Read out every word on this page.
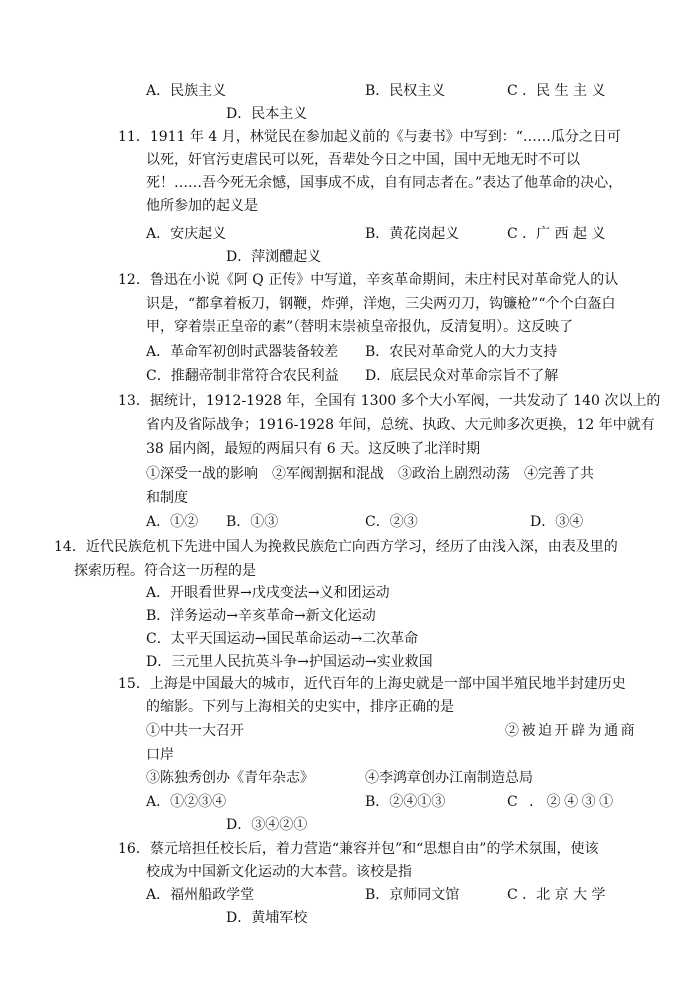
A．民族主义	B．民权主义	C ．民 生 主 义
D．民本主义
11．1911 年 4 月，林觉民在参加起义前的《与妻书》中写到：“……瓜分之日可
以死，奸官污吏虐民可以死，吾辈处今日之中国，国中无地无时不可以
死！……吾今死无余憾，国事成不成，自有同志者在。”表达了他革命的决心，
他所参加的起义是
A．安庆起义	B．黄花岗起义	C ．广 西 起 义
D．萍浏醴起义
12．鲁迅在小说《阿 Q 正传》中写道，辛亥革命期间，未庄村民对革命党人的认
识是，“都拿着板刀，钢鞭，炸弹，洋炮，三尖两刃刀，钩镰枪”“个个白盔白
甲，穿着崇正皇帝的素”（替明末崇祯皇帝报仇，反清复明）。这反映了
A．革命军初创时武器装备较差 B．农民对革命党人的大力支持
C．推翻帝制非常符合农民利益 D．底层民众对革命宗旨不了解
13．据统计，1912-1928 年，全国有 1300 多个大小军阀，一共发动了 140 次以上的
省内及省际战争；1916-1928 年间，总统、执政、大元帅多次更换，12 年中就有
38 届内阁，最短的两届只有 6 天。这反映了北洋时期
①深受一战的影响　②军阀割据和混战　③政治上剧烈动荡　④完善了共
和制度
A．①② B．①③	C．②③	D．③④
14．近代民族危机下先进中国人为挽救民族危亡向西方学习，经历了由浅入深，由表及里的
探索历程。符合这一历程的是
A．开眼看世界→戊戌变法→义和团运动
B．洋务运动→辛亥革命→新文化运动
C．太平天国运动→国民革命运动→二次革命
D．三元里人民抗英斗争→护国运动→实业救国
15．上海是中国最大的城市，近代百年的上海史就是一部中国半殖民地半封建历史
的缩影。下列与上海相关的史实中，排序正确的是
①中共一大召开	②被迫开辟为通商
口岸
③陈独秀创办《青年杂志》	④李鸿章创办江南制造总局
A．①②③④	B．②④①③	C ．②④③①
D．③④②①
16．蔡元培担任校长后，着力营造“兼容并包”和“思想自由”的学术氛围，使该
校成为中国新文化运动的大本营。该校是指
A．福州船政学堂	B．京师同文馆	C ．北 京 大 学
D．黄埔军校
